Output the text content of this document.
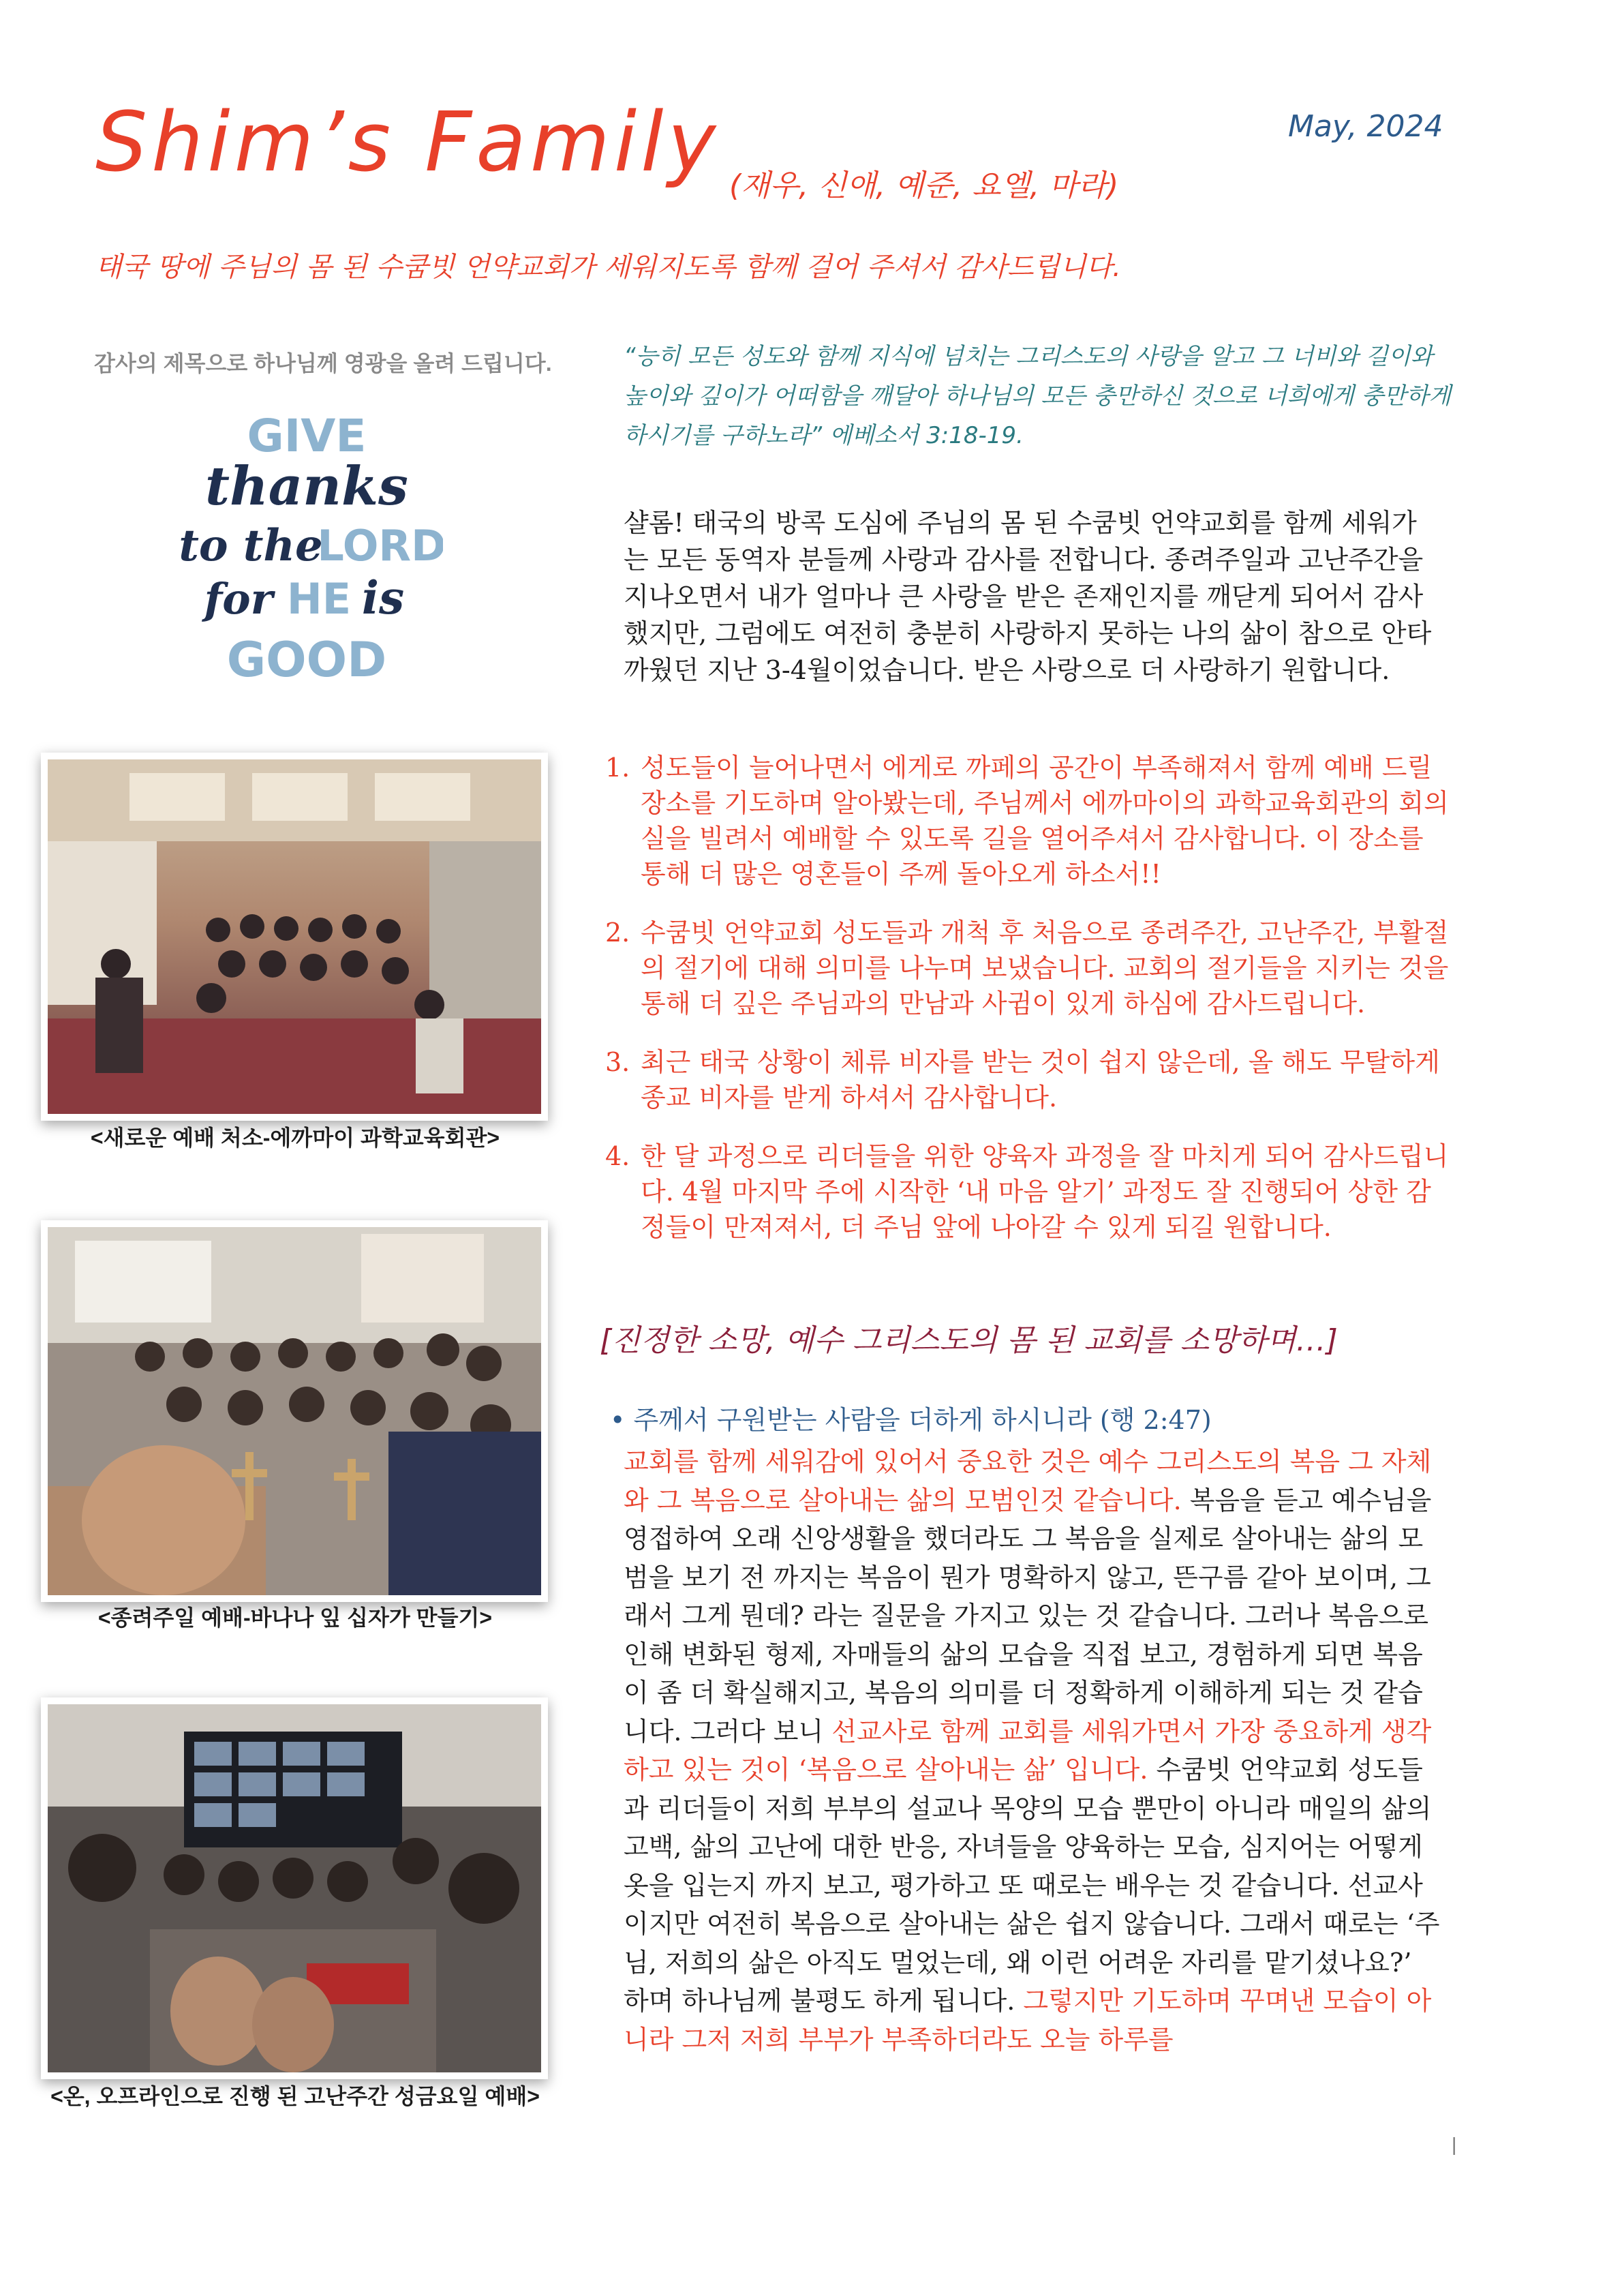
Shim’s Family (재우, 신애, 예준, 요엘, 마라)
May, 2024
태국 땅에 주님의 몸 된 수쿰빗 언약교회가 세워지도록 함께 걸어 주셔서 감사드립니다.
감사의 제목으로 하나님께 영광을 올려 드립니다.
GIVE
thanks
to the
LORD
for HE is
GOOD
<새로운 예배 처소-에까마이 과학교육회관>
<종려주일 예배-바나나 잎 십자가 만들기>
<온, 오프라인으로 진행 된 고난주간 성금요일 예배>
“능히 모든 성도와 함께 지식에 넘치는 그리스도의 사랑을 알고 그 너비와 길이와 높이와 깊이가 어떠함을 깨달아 하나님의 모든 충만하신 것으로 너희에게 충만하게 하시기를 구하노라” 에베소서 3:18-19.
샬롬! 태국의 방콕 도심에 주님의 몸 된 수쿰빗 언약교회를 함께 세워가는 모든 동역자 분들께 사랑과 감사를 전합니다. 종려주일과 고난주간을 지나오면서 내가 얼마나 큰 사랑을 받은 존재인지를 깨닫게 되어서 감사했지만, 그럼에도 여전히 충분히 사랑하지 못하는 나의 삶이 참으로 안타까웠던 지난 3-4월이었습니다. 받은 사랑으로 더 사랑하기 원합니다.
1. 성도들이 늘어나면서 에게로 까페의 공간이 부족해져서 함께 예배 드릴 장소를 기도하며 알아봤는데, 주님께서 에까마이의 과학교육회관의 회의실을 빌려서 예배할 수 있도록 길을 열어주셔서 감사합니다. 이 장소를 통해 더 많은 영혼들이 주께 돌아오게 하소서!!
2. 수쿰빗 언약교회 성도들과 개척 후 처음으로 종려주간, 고난주간, 부활절의 절기에 대해 의미를 나누며 보냈습니다. 교회의 절기들을 지키는 것을 통해 더 깊은 주님과의 만남과 사귐이 있게 하심에 감사드립니다.
3. 최근 태국 상황이 체류 비자를 받는 것이 쉽지 않은데, 올 해도 무탈하게 종교 비자를 받게 하셔서 감사합니다.
4. 한 달 과정으로 리더들을 위한 양육자 과정을 잘 마치게 되어 감사드립니다. 4월 마지막 주에 시작한 ‘내 마음 알기’ 과정도 잘 진행되어 상한 감정들이 만져져서, 더 주님 앞에 나아갈 수 있게 되길 원합니다.
[진정한 소망, 예수 그리스도의 몸 된 교회를 소망하며…]
• 주께서 구원받는 사람을 더하게 하시니라 (행 2:47)
교회를 함께 세워감에 있어서 중요한 것은 예수 그리스도의 복음 그 자체와 그 복음으로 살아내는 삶의 모범인것 같습니다. 복음을 듣고 예수님을 영접하여 오래 신앙생활을 했더라도 그 복음을 실제로 살아내는 삶의 모범을 보기 전 까지는 복음이 뭔가 명확하지 않고, 뜬구름 같아 보이며, 그래서 그게 뭔데? 라는 질문을 가지고 있는 것 같습니다. 그러나 복음으로 인해 변화된 형제, 자매들의 삶의 모습을 직접 보고, 경험하게 되면 복음이 좀 더 확실해지고, 복음의 의미를 더 정확하게 이해하게 되는 것 같습니다. 그러다 보니 선교사로 함께 교회를 세워가면서 가장 중요하게 생각하고 있는 것이 ‘복음으로 살아내는 삶’ 입니다. 수쿰빗 언약교회 성도들과 리더들이 저희 부부의 설교나 목양의 모습 뿐만이 아니라 매일의 삶의 고백, 삶의 고난에 대한 반응, 자녀들을 양육하는 모습, 심지어는 어떻게 옷을 입는지 까지 보고, 평가하고 또 때로는 배우는 것 같습니다. 선교사이지만 여전히 복음으로 살아내는 삶은 쉽지 않습니다. 그래서 때로는 ‘주님, 저희의 삶은 아직도 멀었는데, 왜 이런 어려운 자리를 맡기셨나요?’ 하며 하나님께 불평도 하게 됩니다. 그렇지만 기도하며 꾸며낸 모습이 아니라 그저 저희 부부가 부족하더라도 오늘 하루를
|
